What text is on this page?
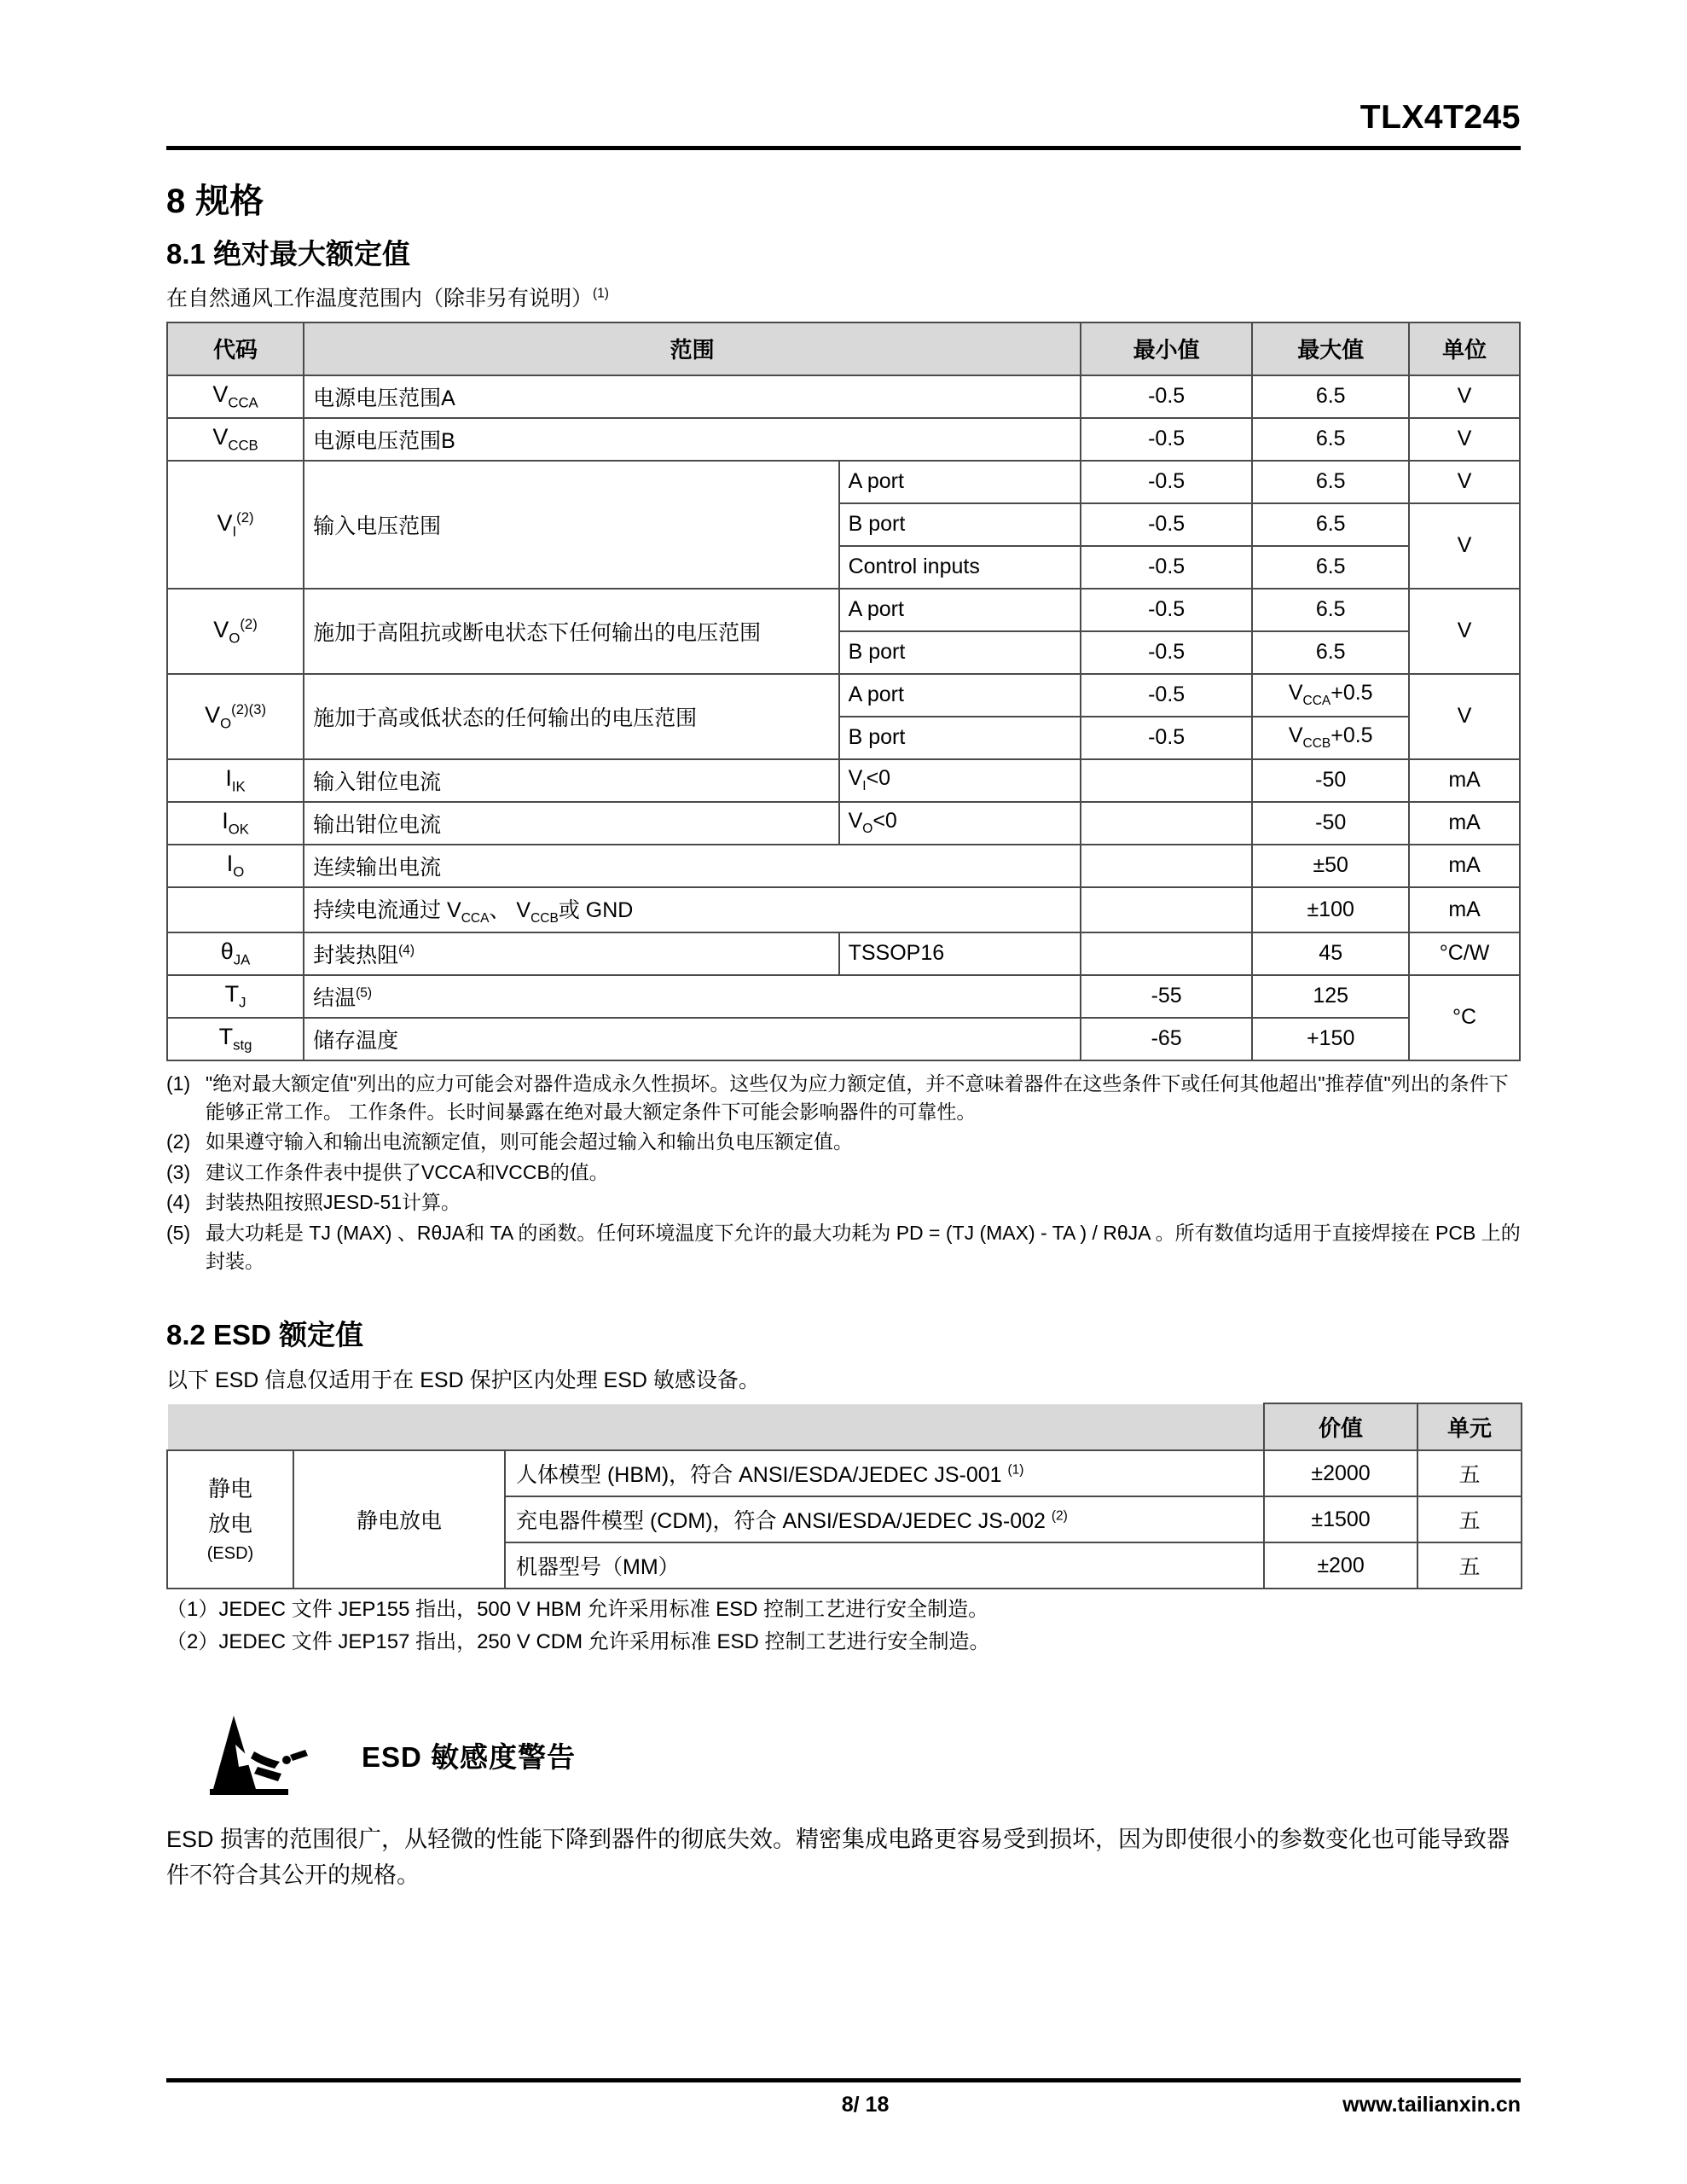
TLX4T245
8 规格
8.1 绝对最大额定值

在自然通风工作温度范围内（除非另有说明）$^{(1)}$

代码	范围		最小值	最大值	单位
$V_{CCA}$	电源电压范围A		-0.5	6.5	V
$V_{CCB}$	电源电压范围B		-0.5	6.5	V
$V_I^{(2)}$	输入电压范围	A port	-0.5	6.5	V
		B port	-0.5	6.5	V
		Control inputs	-0.5	6.5	
$V_O^{(2)}$	施加于高阻抗或断电状态下任何输出的电压范围	A port	-0.5	6.5	V
		B port	-0.5	6.5	
$V_O^{(2)(3)}$	施加于高或低状态的任何输出的电压范围	A port	-0.5	$V_{CCA}+0.5$	V
		B port	-0.5	$V_{CCB}+0.5$	
$I_{IK}$	输入钳位电流	$V_I<0$		-50	mA
$I_{OK}$	输出钳位电流	$V_O<0$		-50	mA
$I_O$	连续输出电流			±50	mA
	持续电流通过 $V_{CCA}$、 $V_{CCB}$或 GND			±100	mA
$\theta_{JA}$	封装热阻$^{(4)}$	TSSOP16		45	°C/W
$T_J$	结温$^{(5)}$		-55	125	°C
$T_{stg}$	储存温度		-65	+150	
(1) "绝对最大额定值"列出的应力可能会对器件造成永久性损坏。这些仅为应力额定值，并不意味着器件在这些条件下或任何其他超出"推荐值"列出的条件下能够正常工作。 工作条件。长时间暴露在绝对最大额定条件下可能会影响器件的可靠性。
(2) 如果遵守输入和输出电流额定值，则可能会超过输入和输出负电压额定值。
(3) 建议工作条件表中提供了VCCA和VCCB的值。
(4) 封装热阻按照JESD-51计算。
(5) 最大功耗是 TJ (MAX) 、RθJA和 TA 的函数。任何环境温度下允许的最大功耗为 PD = (TJ (MAX) - TA ) / RθJA 。所有数值均适用于直接焊接在 PCB 上的封装。
8.2 ESD 额定值

以下 ESD 信息仅适用于在 ESD 保护区内处理 ESD 敏感设备。

			价值	单元

静电
放电
(ESD)	静电放电	人体模型 (HBM)，符合 ANSI/ESDA/JEDEC JS-001 $^{(1)}$	±2000	五
		充电器件模型 (CDM)，符合 ANSI/ESDA/JEDEC JS-002 $^{(2)}$	±1500	五
		机器型号（MM）	±200	五

（1）JEDEC 文件 JEP155 指出，500 V HBM 允许采用标准 ESD 控制工艺进行安全制造。

（2）JEDEC 文件 JEP157 指出，250 V CDM 允许采用标准 ESD 控制工艺进行安全制造。

ESD 敏感度警告

ESD 损害的范围很广，从轻微的性能下降到器件的彻底失效。精密集成电路更容易受到损坏，因为即使很小的参数变化也可能导致器件不符合其公开的规格。

8/ 18	www.tailianxin.cn
